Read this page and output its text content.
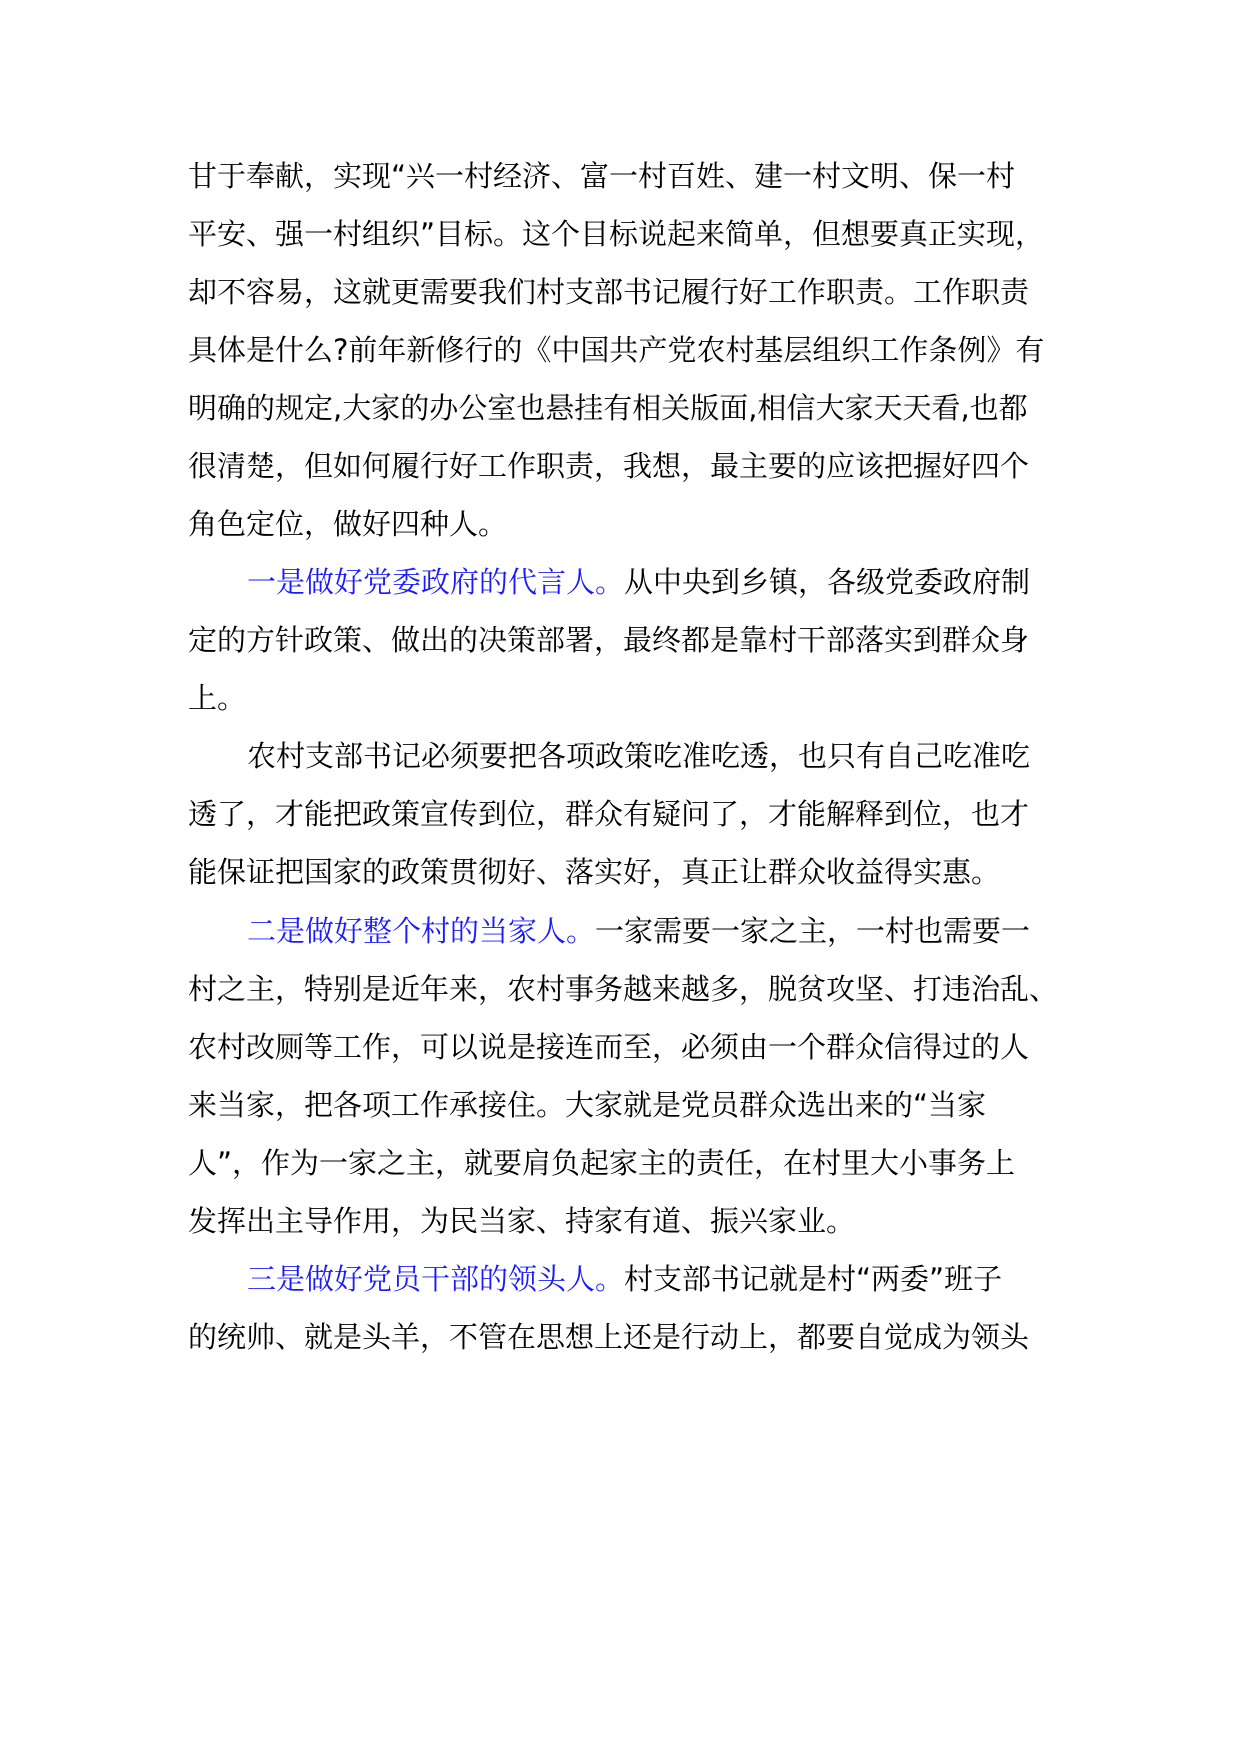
甘于奉献，实现“兴一村经济、富一村百姓、建一村文明、保一村
平安、强一村组织”目标。这个目标说起来简单，但想要真正实现，
却不容易，这就更需要我们村支部书记履行好工作职责。工作职责
具体是什么?前年新修行的《中国共产党农村基层组织工作条例》有
明确的规定,大家的办公室也悬挂有相关版面,相信大家天天看,也都
很清楚，但如何履行好工作职责，我想，最主要的应该把握好四个
角色定位，做好四种人。
一是做好党委政府的代言人。从中央到乡镇，各级党委政府制
定的方针政策、做出的决策部署，最终都是靠村干部落实到群众身
上。
农村支部书记必须要把各项政策吃准吃透，也只有自己吃准吃
透了，才能把政策宣传到位，群众有疑问了，才能解释到位，也才
能保证把国家的政策贯彻好、落实好，真正让群众收益得实惠。
二是做好整个村的当家人。一家需要一家之主，一村也需要一
村之主，特别是近年来，农村事务越来越多，脱贫攻坚、打违治乱、
农村改厕等工作，可以说是接连而至，必须由一个群众信得过的人
来当家，把各项工作承接住。大家就是党员群众选出来的“当家
人”，作为一家之主，就要肩负起家主的责任，在村里大小事务上
发挥出主导作用，为民当家、持家有道、振兴家业。
三是做好党员干部的领头人。村支部书记就是村“两委”班子
的统帅、就是头羊，不管在思想上还是行动上，都要自觉成为领头
